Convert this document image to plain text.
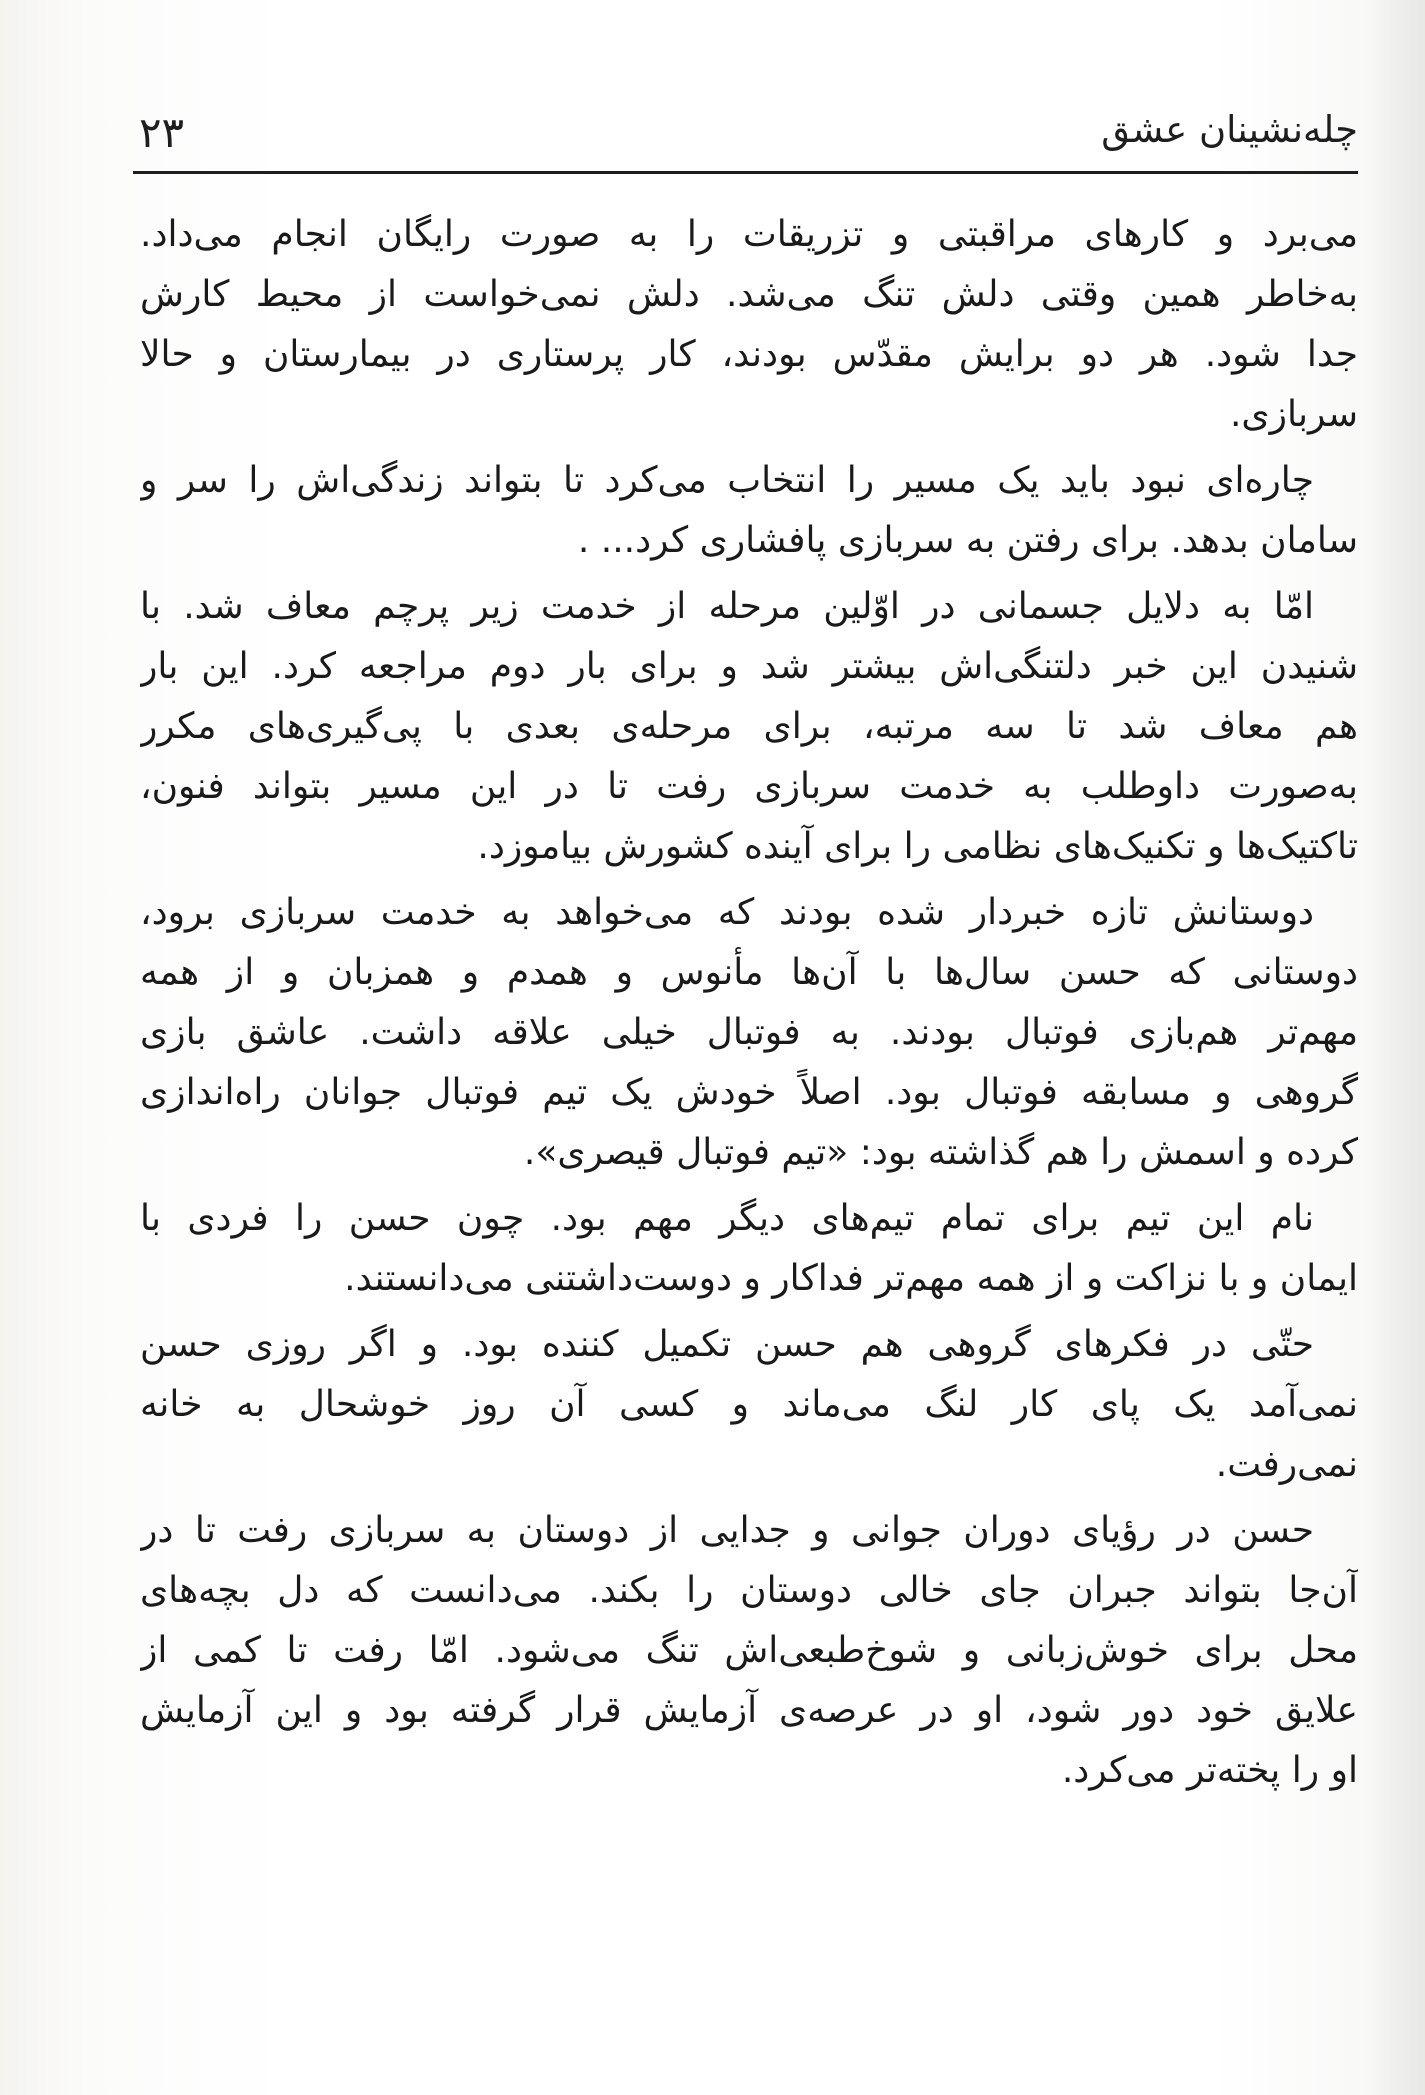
چله‌نشینان عشق
۲۳

می‌برد و کارهای مراقبتی و تزریقات را به صورت رایگان انجام می‌داد.

به‌خاطر همین وقتی دلش تنگ می‌شد. دلش نمی‌خواست از محیط کارش

جدا شود. هر دو برایش مقدّس بودند، کار پرستاری در بیمارستان و حالا

سربازی.

چاره‌ای نبود باید یک مسیر را انتخاب می‌کرد تا بتواند زندگی‌اش را سر و

سامان بدهد. برای رفتن به سربازی پافشاری کرد... .

امّا به دلایل جسمانی در اوّلین مرحله از خدمت زیر پرچم معاف شد. با

شنیدن این خبر دلتنگی‌اش بیشتر شد و برای بار دوم مراجعه کرد. این بار

هم معاف شد تا سه مرتبه، برای مرحله‌ی بعدی با پی‌گیری‌های مکرر

به‌صورت داوطلب به خدمت سربازی رفت تا در این مسیر بتواند فنون،

تاکتیک‌ها و تکنیک‌های نظامی را برای آینده کشورش بیاموزد.

دوستانش تازه خبردار شده بودند که می‌خواهد به خدمت سربازی برود،

دوستانی که حسن سال‌ها با آن‌ها مأنوس و همدم و همزبان و از همه

مهم‌تر هم‌بازی فوتبال بودند. به فوتبال خیلی علاقه داشت. عاشق بازی

گروهی و مسابقه فوتبال بود. اصلاً خودش یک تیم فوتبال جوانان راه‌اندازی

کرده و اسمش را هم گذاشته بود: «تیم فوتبال قیصری».

نام این تیم برای تمام تیم‌های دیگر مهم بود. چون حسن را فردی با

ایمان و با نزاکت و از همه مهم‌تر فداکار و دوست‌داشتنی می‌دانستند.

حتّی در فکرهای گروهی هم حسن تکمیل کننده بود. و اگر روزی حسن

نمی‌آمد یک پای کار لنگ می‌ماند و کسی آن روز خوشحال به خانه

نمی‌رفت.

حسن در رؤیای دوران جوانی و جدایی از دوستان به سربازی رفت تا در

آن‌جا بتواند جبران جای خالی دوستان را بکند. می‌دانست که دل بچه‌های

محل برای خوش‌زبانی و شوخ‌طبعی‌اش تنگ می‌شود. امّا رفت تا کمی از

علایق خود دور شود، او در عرصه‌ی آزمایش قرار گرفته بود و این آزمایش

او را پخته‌تر می‌کرد.
